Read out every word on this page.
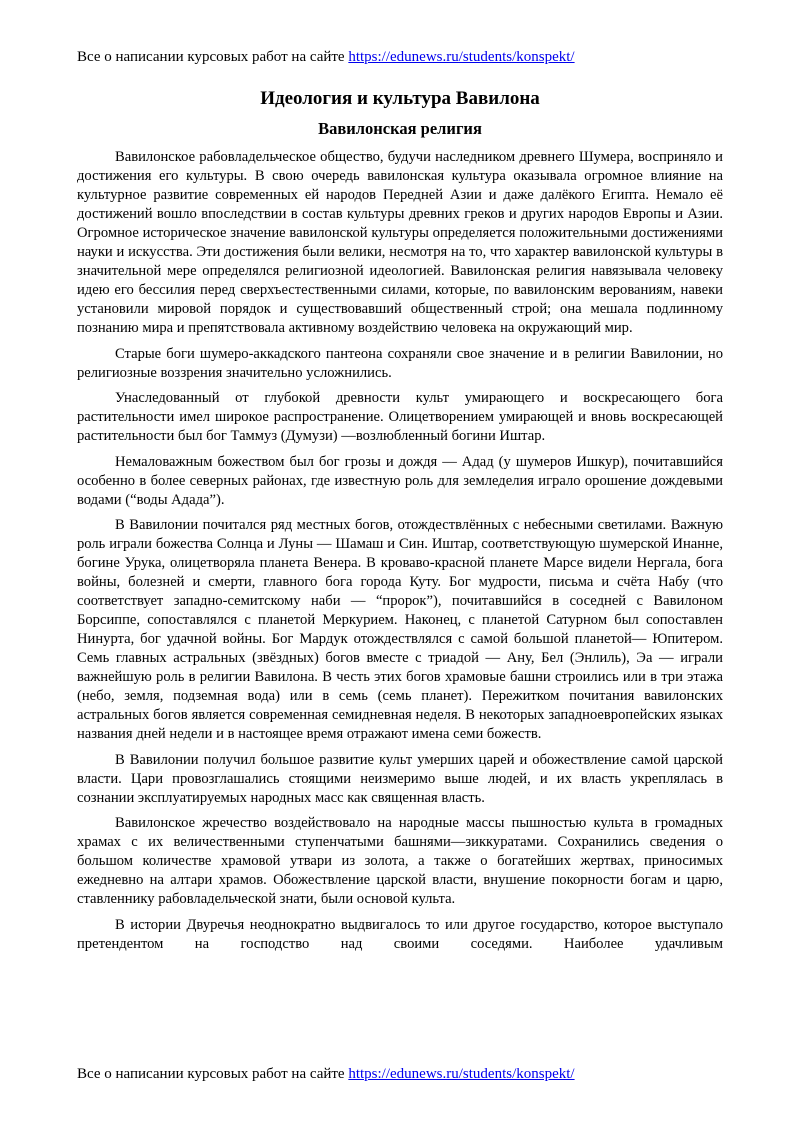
Все о написании курсовых работ на сайте https://edunews.ru/students/konspekt/
Идеология и культура Вавилона
Вавилонская религия

Вавилонское рабовладельческое общество, будучи наследником древнего Шумера, восприняло и достижения его культуры. В свою очередь вавилонская культура оказывала огромное влияние на культурное развитие современных ей народов Передней Азии и даже далёкого Египта. Немало её достижений вошло впоследствии в состав культуры древних греков и других народов Европы и Азии. Огромное историческое значение вавилонской культуры определяется положительными достижениями науки и искусства. Эти достижения были велики, несмотря на то, что характер вавилонской культуры в значительной мере определялся религиозной идеологией. Вавилонская религия навязывала человеку идею его бессилия перед сверхъестественными силами, которые, по вавилонским верованиям, навеки установили мировой порядок и существовавший общественный строй; она мешала подлинному познанию мира и препятствовала активному воздействию человека на окружающий мир.

Старые боги шумеро-аккадского пантеона сохраняли свое значение и в религии Вавилонии, но религиозные воззрения значительно усложнились.

Унаследованный от глубокой древности культ умирающего и воскресающего бога растительности имел широкое распространение. Олицетворением умирающей и вновь воскресающей растительности был бог Таммуз (Думузи) —возлюбленный богини Иштар.

Немаловажным божеством был бог грозы и дождя — Адад (у шумеров Ишкур), почитавшийся особенно в более северных районах, где известную роль для земледелия играло орошение дождевыми водами (“воды Адада”).

В Вавилонии почитался ряд местных богов, отождествлённых с небесными светилами. Важную роль играли божества Солнца и Луны — Шамаш и Син. Иштар, соответствующую шумерской Инанне, богине Урука, олицетворяла планета Венера. В кроваво-красной планете Марсе видели Нергала, бога войны, болезней и смерти, главного бога города Куту. Бог мудрости, письма и счёта Набу (что соответствует западно-семитскому наби — “пророк”), почитавшийся в соседней с Вавилоном Борсиппе, сопоставлялся с планетой Меркурием. Наконец, с планетой Сатурном был сопоставлен Нинурта, бог удачной войны. Бог Мардук отождествлялся с самой большой планетой— Юпитером. Семь главных астральных (звёздных) богов вместе с триадой — Ану, Бел (Энлиль), Эа — играли важнейшую роль в религии Вавилона. В честь этих богов храмовые башни строились или в три этажа (небо, земля, подземная вода) или в семь (семь планет). Пережитком почитания вавилонских астральных богов является современная семидневная неделя. В некоторых западноевропейских языках названия дней недели и в настоящее время отражают имена семи божеств.

В Вавилонии получил большое развитие культ умерших царей и обожествление самой царской власти. Цари провозглашались стоящими неизмеримо выше людей, и их власть укреплялась в сознании эксплуатируемых народных масс как священная власть.

Вавилонское жречество воздействовало на народные массы пышностью культа в громадных храмах с их величественными ступенчатыми башнями—зиккуратами. Сохранились сведения о большом количестве храмовой утвари из золота, а также о богатейших жертвах, приносимых ежедневно на алтари храмов. Обожествление царской власти, внушение покорности богам и царю, ставленнику рабовладельческой знати, были основой культа.

В истории Двуречья неоднократно выдвигалось то или другое государство, которое выступало претендентом на господство над своими соседями. Наиболее удачливым

Все о написании курсовых работ на сайте https://edunews.ru/students/konspekt/
